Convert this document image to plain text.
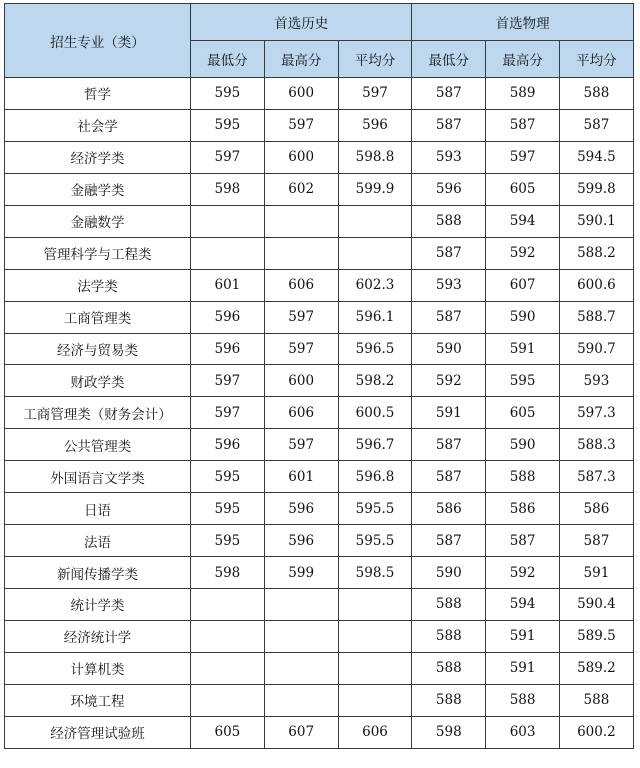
招生专业（类）	首选历史			首选物理		
	最低分	最高分	平均分	最低分	最高分	平均分
哲学	595	600	597	587	589	588
社会学	595	597	596	587	587	587
经济学类	597	600	598.8	593	597	594.5
金融学类	598	602	599.9	596	605	599.8
金融数学				588	594	590.1
管理科学与工程类				587	592	588.2
法学类	601	606	602.3	593	607	600.6
工商管理类	596	597	596.1	587	590	588.7
经济与贸易类	596	597	596.5	590	591	590.7
财政学类	597	600	598.2	592	595	593
工商管理类（财务会计）	597	606	600.5	591	605	597.3
公共管理类	596	597	596.7	587	590	588.3
外国语言文学类	595	601	596.8	587	588	587.3
日语	595	596	595.5	586	586	586
法语	595	596	595.5	587	587	587
新闻传播学类	598	599	598.5	590	592	591
统计学类				588	594	590.4
经济统计学				588	591	589.5
计算机类				588	591	589.2
环境工程				588	588	588
经济管理试验班	605	607	606	598	603	600.2
